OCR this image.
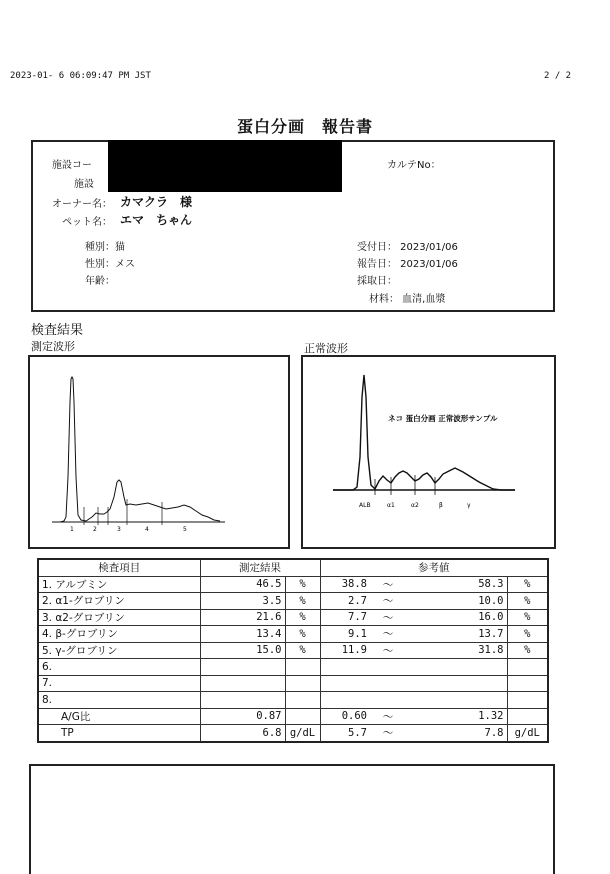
2023-01- 6 06:09:47 PM JST	2 / 2
蛋白分画　報告書
施設コー
施設
カルテNo：
オーナー名： カマクラ　様
ペット名： エマ　ちゃん
種別：猫
性別：メス
年齢：
受付日： 2023/01/06
報告日： 2023/01/06
採取日：
材料： 血清,血漿
検査結果
測定波形	正常波形
1	2	3	4	5
ネコ 蛋白分画 正常波形サンプル
ALB	α1	α2	β	γ
検査項目	測定結果		参考値			
1. アルブミン	46.5	%	38.8	～	58.3	%
2. α1-グロブリン	3.5	%	2.7	～	10.0	%
3. α2-グロブリン	21.6	%	7.7	～	16.0	%
4. β-グロブリン	13.4	%	9.1	～	13.7	%
5. γ-グロブリン	15.0	%	11.9	～	31.8	%
6.						
7.						
8.						
A/G比	0.87		0.60	～	1.32	
TP	6.8	g/dL	5.7	～	7.8	g/dL
